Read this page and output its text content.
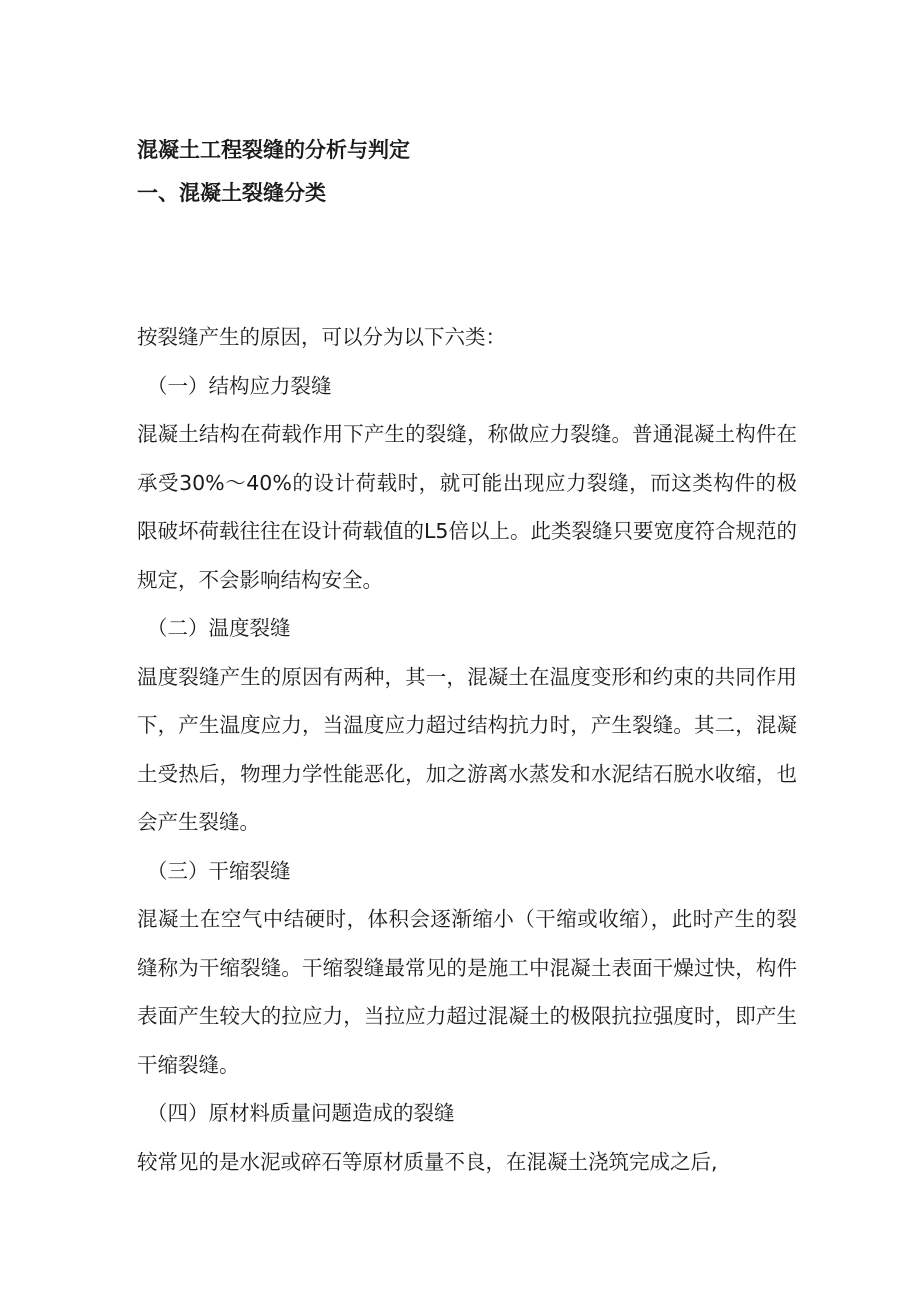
混凝土工程裂缝的分析与判定
一、混凝土裂缝分类

按裂缝产生的原因，可以分为以下六类：

（一）结构应力裂缝

混凝土结构在荷载作用下产生的裂缝，称做应力裂缝。普通混凝土构件在承受30%～40%的设计荷载时，就可能出现应力裂缝，而这类构件的极限破坏荷载往往在设计荷载值的L5倍以上。此类裂缝只要宽度符合规范的规定，不会影响结构安全。

（二）温度裂缝

温度裂缝产生的原因有两种，其一，混凝土在温度变形和约束的共同作用下，产生温度应力，当温度应力超过结构抗力时，产生裂缝。其二，混凝土受热后，物理力学性能恶化，加之游离水蒸发和水泥结石脱水收缩，也会产生裂缝。

（三）干缩裂缝

混凝土在空气中结硬时，体积会逐渐缩小（干缩或收缩），此时产生的裂缝称为干缩裂缝。干缩裂缝最常见的是施工中混凝土表面干燥过快，构件表面产生较大的拉应力，当拉应力超过混凝土的极限抗拉强度时，即产生干缩裂缝。

（四）原材料质量问题造成的裂缝

较常见的是水泥或碎石等原材质量不良，在混凝土浇筑完成之后,
